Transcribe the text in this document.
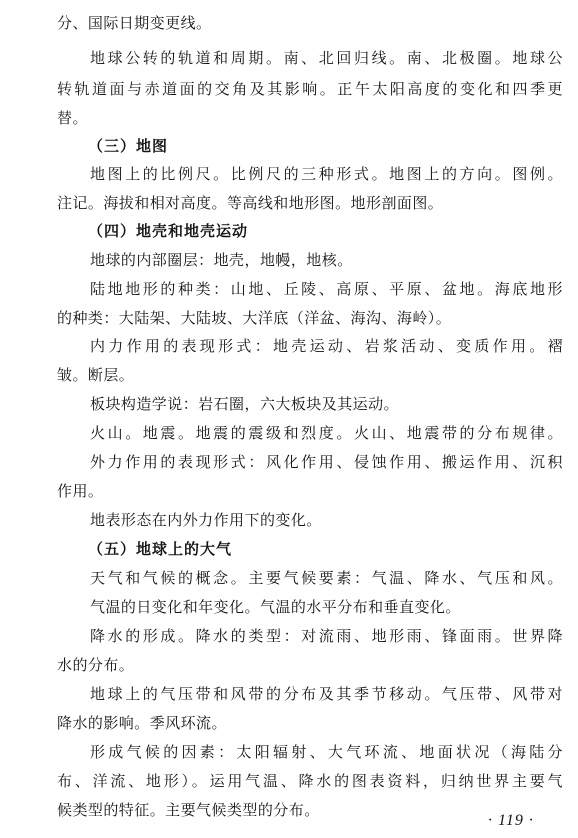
分、国际日期变更线。
地球公转的轨道和周期。南、北回归线。南、北极圈。地球公
转轨道面与赤道面的交角及其影响。正午太阳高度的变化和四季更
替。
（三）地图
地图上的比例尺。比例尺的三种形式。地图上的方向。图例。
注记。海拔和相对高度。等高线和地形图。地形剖面图。
（四）地壳和地壳运动
地球的内部圈层：地壳，地幔，地核。
陆地地形的种类：山地、丘陵、高原、平原、盆地。海底地形
的种类：大陆架、大陆坡、大洋底（洋盆、海沟、海岭）。
内力作用的表现形式：地壳运动、岩浆活动、变质作用。褶
皱。断层。
板块构造学说：岩石圈，六大板块及其运动。
火山。地震。地震的震级和烈度。火山、地震带的分布规律。
外力作用的表现形式：风化作用、侵蚀作用、搬运作用、沉积
作用。
地表形态在内外力作用下的变化。
（五）地球上的大气
天气和气候的概念。主要气候要素：气温、降水、气压和风。
气温的日变化和年变化。气温的水平分布和垂直变化。
降水的形成。降水的类型：对流雨、地形雨、锋面雨。世界降
水的分布。
地球上的气压带和风带的分布及其季节移动。气压带、风带对
降水的影响。季风环流。
形成气候的因素：太阳辐射、大气环流、地面状况（海陆分
布、洋流、地形）。运用气温、降水的图表资料，归纳世界主要气
候类型的特征。主要气候类型的分布。
· 119 ·
